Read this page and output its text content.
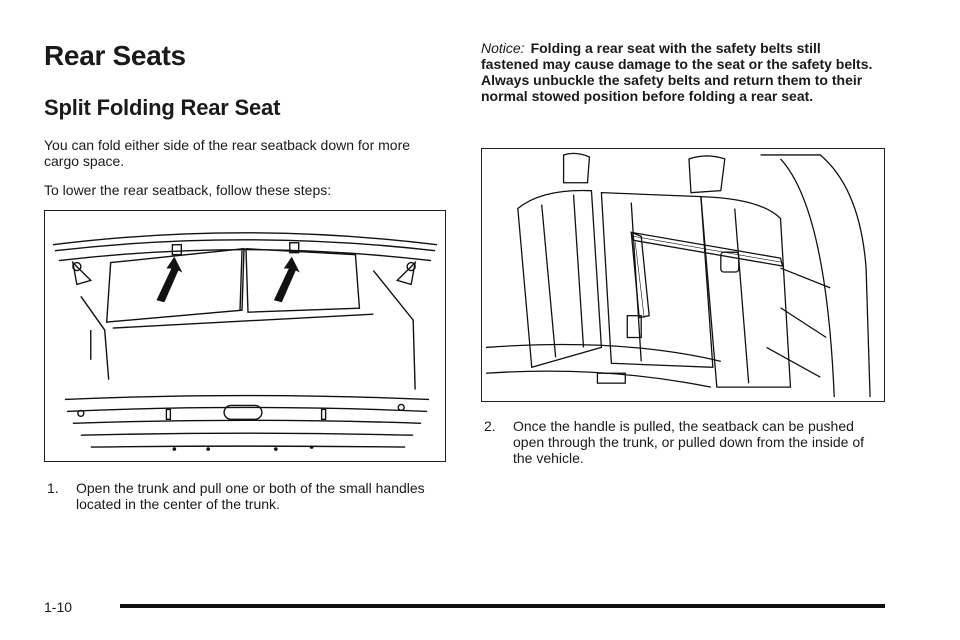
Rear Seats
Split Folding Rear Seat

You can fold either side of the rear seatback down for more cargo space.

To lower the rear seatback, follow these steps:

1.	Open the trunk and pull one or both of the small handles located in the center of the trunk.
Notice: Folding a rear seat with the safety belts still fastened may cause damage to the seat or the safety belts. Always unbuckle the safety belts and return them to their normal stowed position before folding a rear seat.
2.	Once the handle is pulled, the seatback can be pushed open through the trunk, or pulled down from the inside of the vehicle.
1-10
